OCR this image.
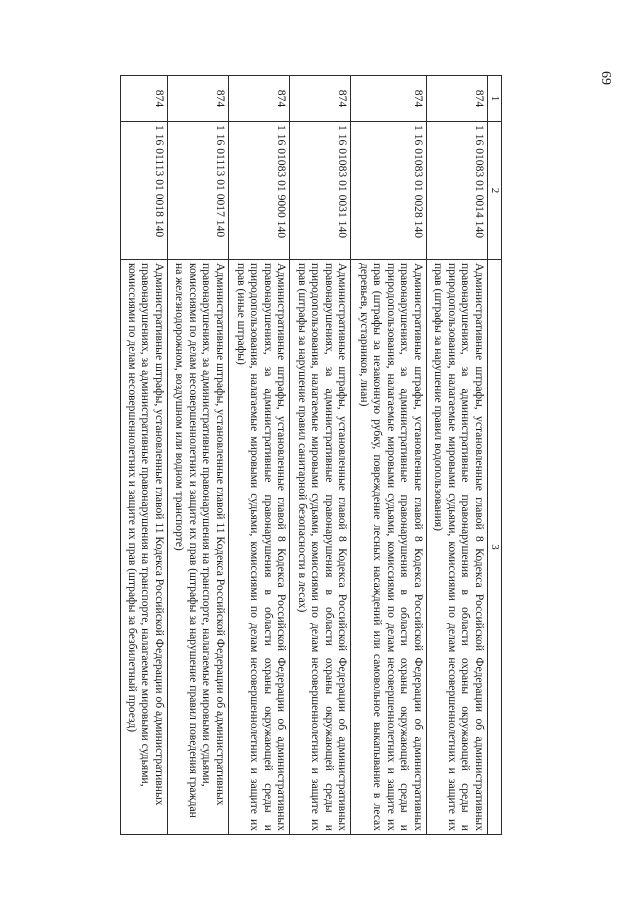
69
1	2	3
874	1 16 01083 01 0014 140	Административные штрафы, установленные главой 8 Кодекса Российской Федерации об административных правонарушениях, за административные правонарушения в области охраны окружающей среды и природопользования, налагаемые мировыми судьями, комиссиями по делам несовершеннолетних и защите их прав (штрафы за нарушение правил водопользования)
874	1 16 01083 01 0028 140	Административные штрафы, установленные главой 8 Кодекса Российской Федерации об административных правонарушениях, за административные правонарушения в области охраны окружающей среды и природопользования, налагаемые мировыми судьями, комиссиями по делам несовершеннолетних и защите их прав (штрафы за незаконную рубку, повреждение лесных насаждений или самовольное выкапывание в лесах деревьев, кустарников, лиан)
874	1 16 01083 01 0031 140	Административные штрафы, установленные главой 8 Кодекса Российской Федерации об административных правонарушениях, за административные правонарушения в области охраны окружающей среды и природопользования, налагаемые мировыми судьями, комиссиями по делам несовершеннолетних и защите их прав (штрафы за нарушение правил санитарной безопасности в лесах)
874	1 16 01083 01 9000 140	Административные штрафы, установленные главой 8 Кодекса Российской Федерации об административных правонарушениях, за административные правонарушения в области охраны окружающей среды и природопользования, налагаемые мировыми судьями, комиссиями по делам несовершеннолетних и защите их прав (иные штрафы)
874	1 16 01113 01 0017 140	Административные штрафы, установленные главой 11 Кодекса Российской Федерации об административных правонарушениях, за административные правонарушения на транспорте, налагаемые мировыми судьями, комиссиями по делам несовершеннолетних и защите их прав (штрафы за нарушение правил поведения граждан на железнодорожном, воздушном или водном транспорте)
874	1 16 01113 01 0018 140	Административные штрафы, установленные главой 11 Кодекса Российской Федерации об административных правонарушениях, за административные правонарушения на транспорте, налагаемые мировыми судьями, комиссиями по делам несовершеннолетних и защите их прав (штрафы за безбилетный проезд)
